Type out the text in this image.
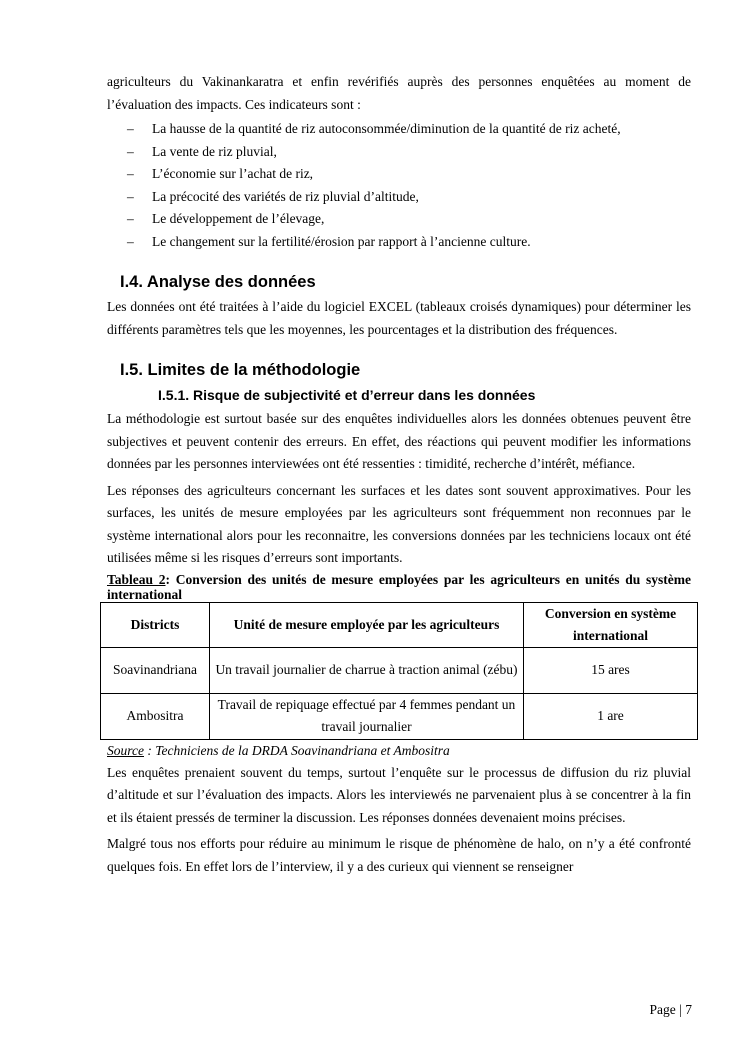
agriculteurs du Vakinankaratra et enfin revérifiés auprès des personnes enquêtées au moment de l’évaluation des impacts. Ces indicateurs sont :

– La hausse de la quantité de riz autoconsommée/diminution de la quantité de riz acheté,
– La vente de riz pluvial,
– L’économie sur l’achat de riz,
– La précocité des variétés de riz pluvial d’altitude,
– Le développement de l’élevage,
– Le changement sur la fertilité/érosion par rapport à l’ancienne culture.
I.4. Analyse des données

Les données ont été traitées à l’aide du logiciel EXCEL (tableaux croisés dynamiques) pour déterminer les différents paramètres tels que les moyennes, les pourcentages et la distribution des fréquences.

I.5. Limites de la méthodologie
I.5.1. Risque de subjectivité et d’erreur dans les données

La méthodologie est surtout basée sur des enquêtes individuelles alors les données obtenues peuvent être subjectives et peuvent contenir des erreurs. En effet, des réactions qui peuvent modifier les informations données par les personnes interviewées ont été ressenties : timidité, recherche d’intérêt, méfiance.

Les réponses des agriculteurs concernant les surfaces et les dates sont souvent approximatives. Pour les surfaces, les unités de mesure employées par les agriculteurs sont fréquemment non reconnues par le système international alors pour les reconnaitre, les conversions données par les techniciens locaux ont été utilisées même si les risques d’erreurs sont importants.

Tableau 2: Conversion des unités de mesure employées par les agriculteurs en unités du système international
Districts	Unité de mesure employée par les agriculteurs	Conversion en système international
Soavinandriana	Un travail journalier de charrue à traction animal (zébu)	15 ares
Ambositra	Travail de repiquage effectué par 4 femmes pendant un travail journalier	1 are
Source : Techniciens de la DRDA Soavinandriana et Ambositra

Les enquêtes prenaient souvent du temps, surtout l’enquête sur le processus de diffusion du riz pluvial d’altitude et sur l’évaluation des impacts. Alors les interviewés ne parvenaient plus à se concentrer à la fin et ils étaient pressés de terminer la discussion. Les réponses données devenaient moins précises.

Malgré tous nos efforts pour réduire au minimum le risque de phénomène de halo, on n’y a été confronté quelques fois. En effet lors de l’interview, il y a des curieux qui viennent se renseigner

Page | 7
